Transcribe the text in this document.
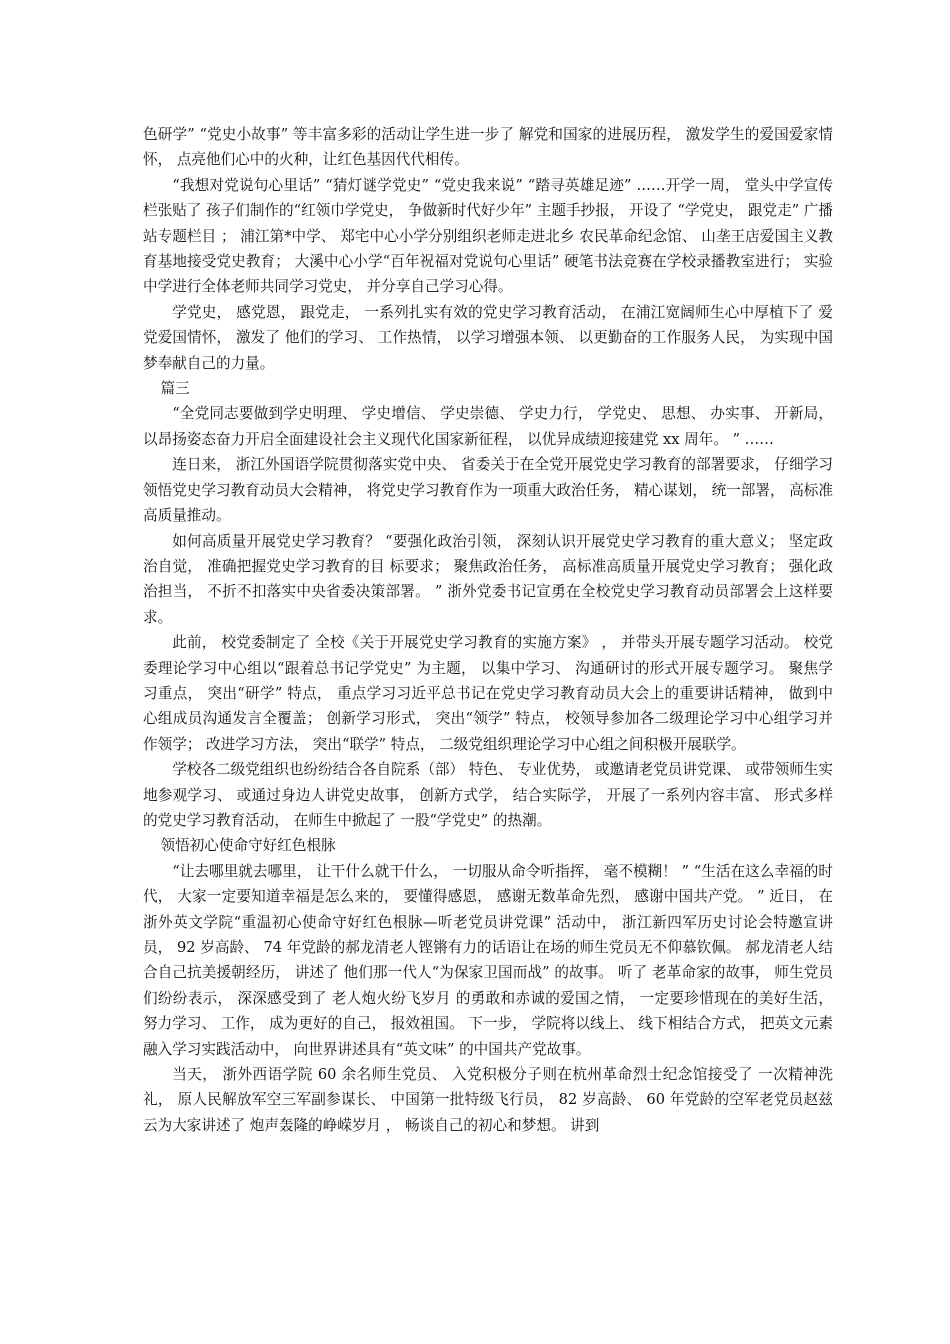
色研学” “党史小故事” 等丰富多彩的活动让学生进一步了 解党和国家的进展历程， 激发学生的爱国爱家情怀， 点亮他们心中的火种，让红色基因代代相传。

“我想对党说句心里话” “猜灯谜学党史” “党史我来说” “踏寻英雄足迹” ……开学一周， 堂头中学宣传栏张贴了 孩子们制作的“红领巾学党史， 争做新时代好少年” 主题手抄报， 开设了 “学党史， 跟党走” 广播站专题栏目 ； 浦江第*中学、 郑宅中心小学分别组织老师走进北乡 农民革命纪念馆、 山垄王店爱国主义教育基地接受党史教育； 大溪中心小学“百年祝福对党说句心里话” 硬笔书法竞赛在学校录播教室进行； 实验中学进行全体老师共同学习党史， 并分享自己学习心得。

学党史， 感党恩， 跟党走， 一系列扎实有效的党史学习教育活动， 在浦江宽阔师生心中厚植下了 爱党爱国情怀， 激发了 他们的学习、 工作热情， 以学习增强本领、 以更勤奋的工作服务人民， 为实现中国梦奉献自己的力量。

篇三

“全党同志要做到学史明理、 学史增信、 学史崇德、 学史力行， 学党史、 思想、 办实事、 开新局， 以昂扬姿态奋力开启全面建设社会主义现代化国家新征程， 以优异成绩迎接建党 xx 周年。 ” ……

连日来， 浙江外国语学院贯彻落实党中央、 省委关于在全党开展党史学习教育的部署要求， 仔细学习领悟党史学习教育动员大会精神， 将党史学习教育作为一项重大政治任务， 精心谋划， 统一部署， 高标准高质量推动。

如何高质量开展党史学习教育？ “要强化政治引领， 深刻认识开展党史学习教育的重大意义； 坚定政治自觉， 准确把握党史学习教育的目 标要求； 聚焦政治任务， 高标准高质量开展党史学习教育； 强化政治担当， 不折不扣落实中央省委决策部署。 ” 浙外党委书记宣勇在全校党史学习教育动员部署会上这样要求。

此前， 校党委制定了 全校《关于开展党史学习教育的实施方案》 ， 并带头开展专题学习活动。 校党委理论学习中心组以“跟着总书记学党史” 为主题， 以集中学习、 沟通研讨的形式开展专题学习。 聚焦学习重点， 突出“研学” 特点， 重点学习习近平总书记在党史学习教育动员大会上的重要讲话精神， 做到中心组成员沟通发言全覆盖； 创新学习形式， 突出“领学” 特点， 校领导参加各二级理论学习中心组学习并作领学； 改进学习方法， 突出“联学” 特点， 二级党组织理论学习中心组之间积极开展联学。

学校各二级党组织也纷纷结合各自院系（部） 特色、 专业优势， 或邀请老党员讲党课、 或带领师生实地参观学习、 或通过身边人讲党史故事， 创新方式学， 结合实际学， 开展了一系列内容丰富、 形式多样的党史学习教育活动， 在师生中掀起了 一股“学党史” 的热潮。

领悟初心使命守好红色根脉

“让去哪里就去哪里， 让干什么就干什么， 一切服从命令听指挥， 毫不模糊！ ” “生活在这么幸福的时代， 大家一定要知道幸福是怎么来的， 要懂得感恩， 感谢无数革命先烈， 感谢中国共产党。 ” 近日， 在浙外英文学院“重温初心使命守好红色根脉—听老党员讲党课” 活动中， 浙江新四军历史讨论会特邀宣讲员， 92 岁高龄、 74 年党龄的郝龙清老人铿锵有力的话语让在场的师生党员无不仰慕钦佩。 郝龙清老人结合自己抗美援朝经历， 讲述了 他们那一代人“为保家卫国而战” 的故事。 听了 老革命家的故事， 师生党员们纷纷表示， 深深感受到了 老人炮火纷飞岁月 的勇敢和赤诚的爱国之情， 一定要珍惜现在的美好生活， 努力学习、 工作， 成为更好的自己， 报效祖国。 下一步， 学院将以线上、 线下相结合方式， 把英文元素融入学习实践活动中， 向世界讲述具有“英文味” 的中国共产党故事。

当天， 浙外西语学院 60 余名师生党员、 入党积极分子则在杭州革命烈士纪念馆接受了 一次精神洗礼， 原人民解放军空三军副参谋长、 中国第一批特级飞行员， 82 岁高龄、 60 年党龄的空军老党员赵兹云为大家讲述了 炮声轰隆的峥嵘岁月 ， 畅谈自己的初心和梦想。 讲到
